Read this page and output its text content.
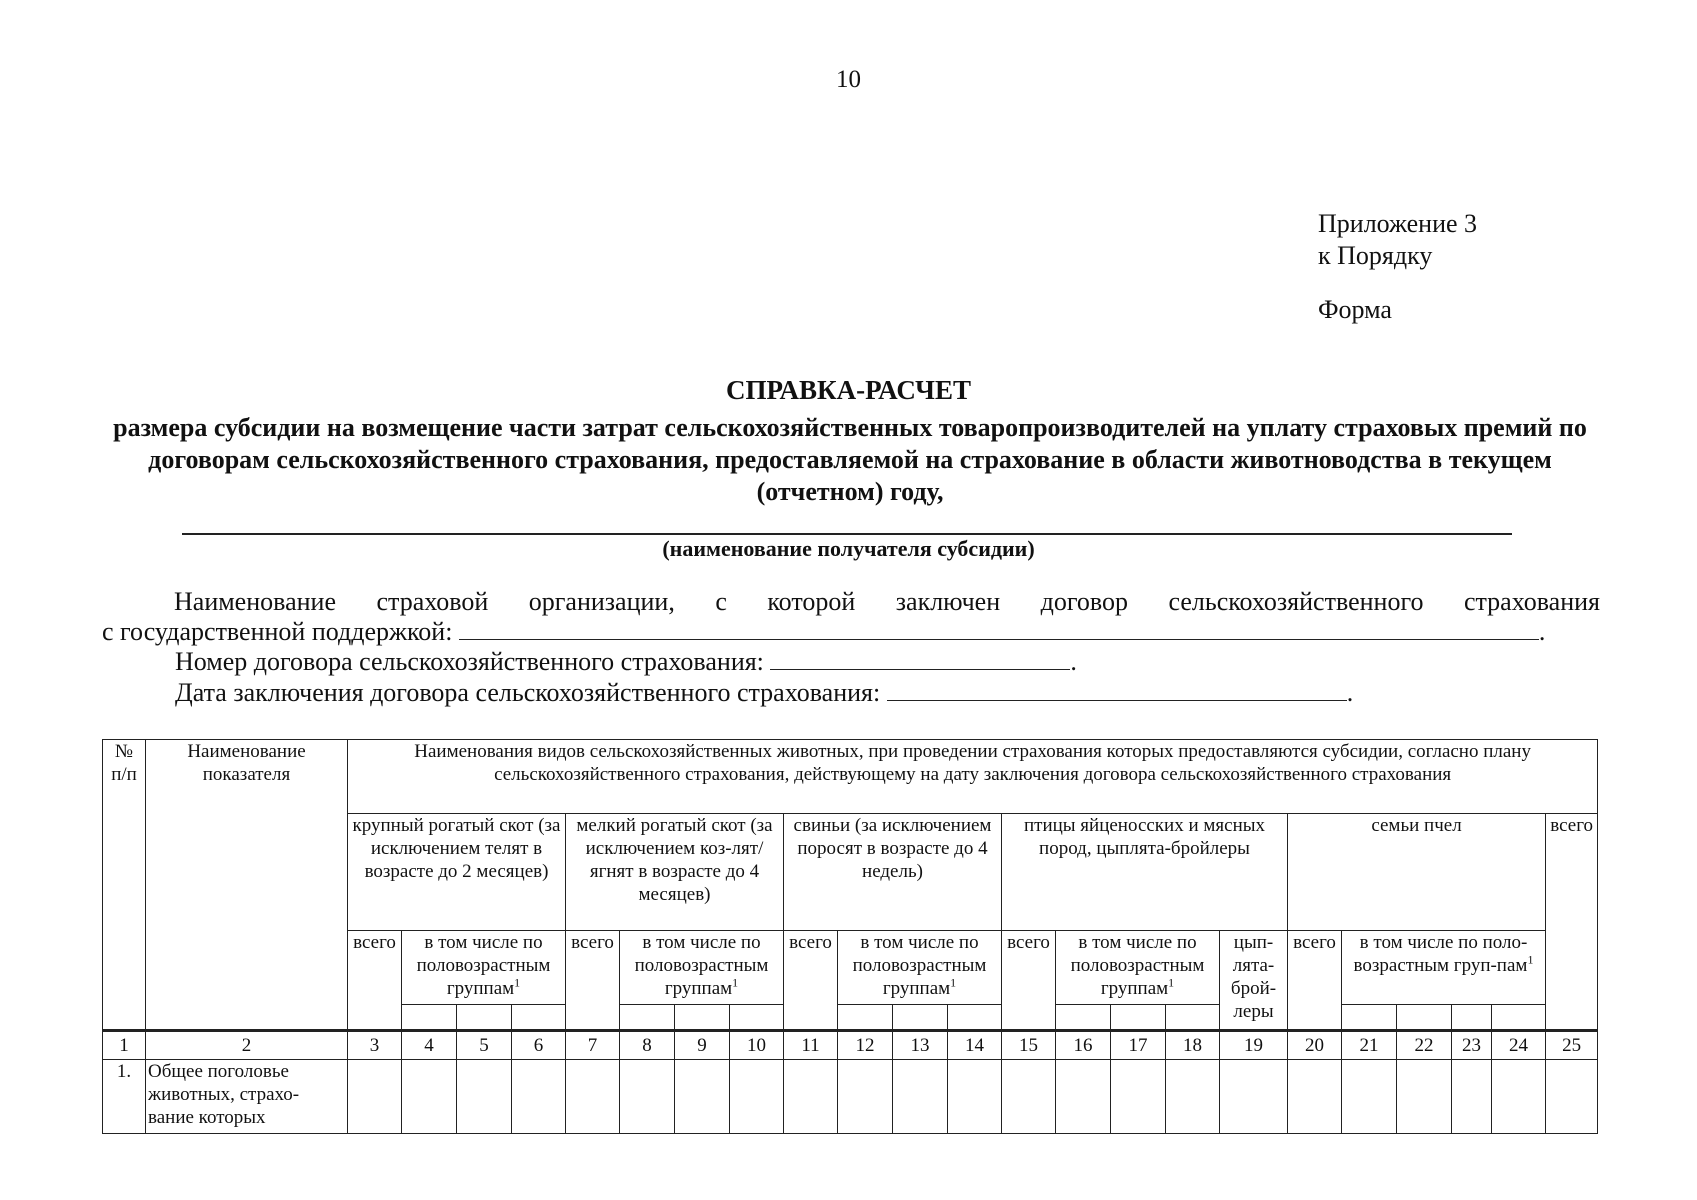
10
Приложение 3
к Порядку
Форма
СПРАВКА-РАСЧЕТ
размера субсидии на возмещение части затрат сельскохозяйственных товаропроизводителей на уплату страховых премий по договорам сельскохозяйственного страхования, предоставляемой на страхование в области животноводства в текущем (отчетном) году,
(наименование получателя субсидии)
Наименование страховой организации, с которой заключен договор сельскохозяйственного страхования
с государственной поддержкой:	.
Номер договора сельскохозяйственного страхования:	.
Дата заключения договора сельскохозяйственного страхования:	.
№ п/п	Наименование показателя	Наименования видов сельскохозяйственных животных, при проведении страхования которых предоставляются субсидии, согласно плану сельскохозяйственного страхования, действующему на дату заключения договора сельскохозяйственного страхования																						
		крупный рогатый скот (за исключением телят в возрасте до 2 месяцев)				мелкий рогатый скот (за исключением коз-лят/ягнят в возрасте до 4 месяцев)				свиньи (за исключением поросят в возрасте до 4 недель)				птицы яйценосских и мясных пород, цыплята-бройлеры					семьи пчел					всего
		всего	в том числе по половозрастным группам$^1$			всего	в том числе по половозрастным группам$^1$			всего	в том числе по половозрастным группам$^1$			всего	в том числе по половозрастным группам$^1$			цып-лята-брой-леры	всего	в том числе по поло-возрастным груп-пам$^1$

1	2	3	4	5	6	7	8	9	10	11	12	13	14	15	16	17	18	19	20	21	22	23	24	25
1.	Общее поголовье животных, страхо-вание которых																							
